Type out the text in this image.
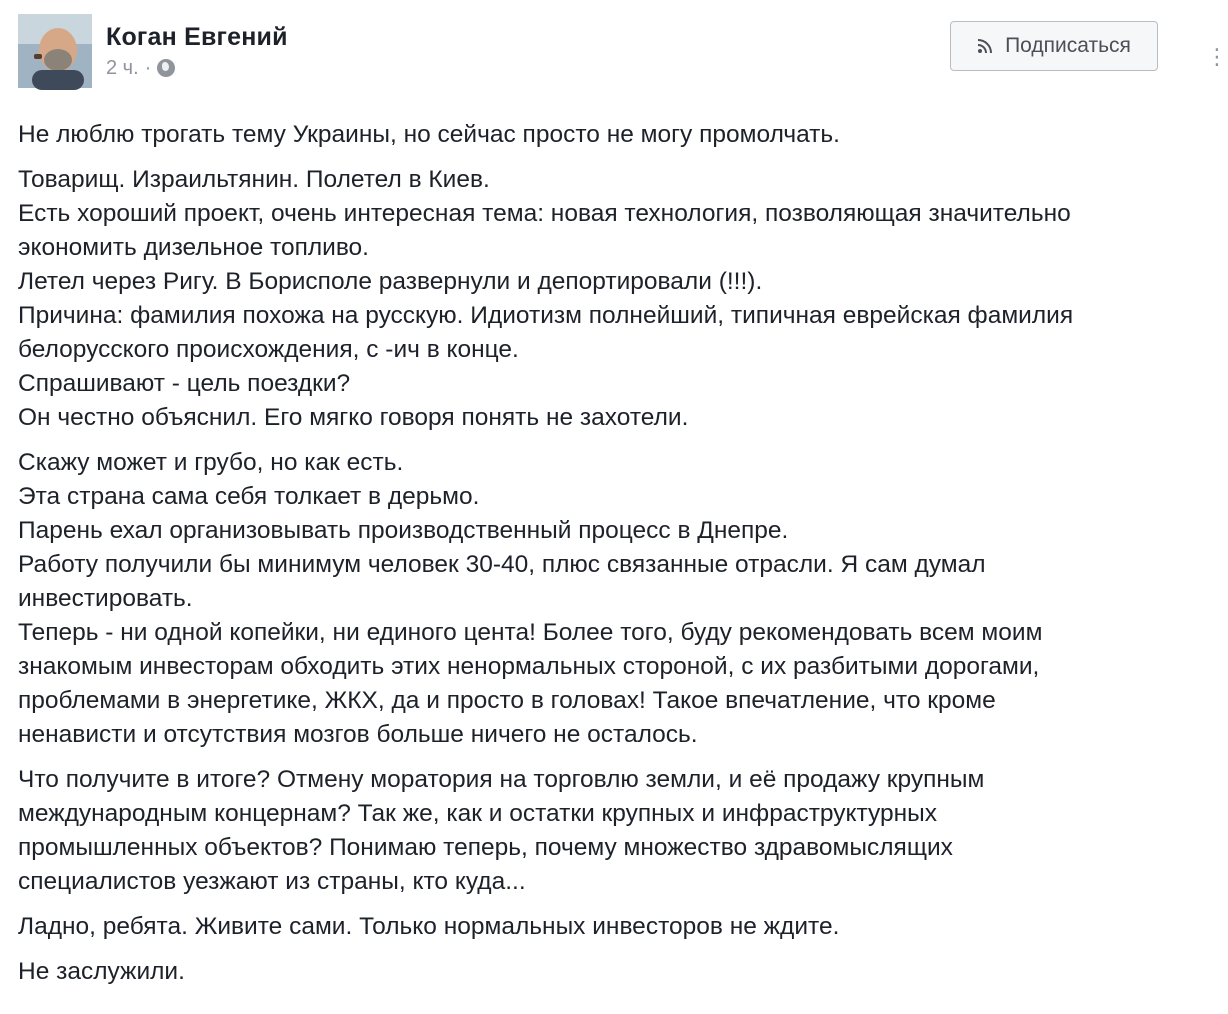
Коган Евгений
2 ч. ·
Подписаться	⋮

Не люблю трогать тему Украины, но сейчас просто не могу промолчать.

Товарищ. Израильтянин. Полетел в Киев.
Есть хороший проект, очень интересная тема: новая технология, позволяющая значительно
экономить дизельное топливо.
Летел через Ригу. В Борисполе развернули и депортировали (!!!).
Причина: фамилия похожа на русскую. Идиотизм полнейший, типичная еврейская фамилия
белорусского происхождения, с -ич в конце.
Спрашивают - цель поездки?
Он честно объяснил. Его мягко говоря понять не захотели.

Скажу может и грубо, но как есть.
Эта страна сама себя толкает в дерьмо.
Парень ехал организовывать производственный процесс в Днепре.
Работу получили бы минимум человек 30-40, плюс связанные отрасли. Я сам думал
инвестировать.
Теперь - ни одной копейки, ни единого цента! Более того, буду рекомендовать всем моим
знакомым инвесторам обходить этих ненормальных стороной, с их разбитыми дорогами,
проблемами в энергетике, ЖКХ, да и просто в головах! Такое впечатление, что кроме
ненависти и отсутствия мозгов больше ничего не осталось.

Что получите в итоге? Отмену моратория на торговлю земли, и её продажу крупным
международным концернам? Так же, как и остатки крупных и инфраструктурных
промышленных объектов? Понимаю теперь, почему множество здравомыслящих
специалистов уезжают из страны, кто куда...

Ладно, ребята. Живите сами. Только нормальных инвесторов не ждите.

Не заслужили.
